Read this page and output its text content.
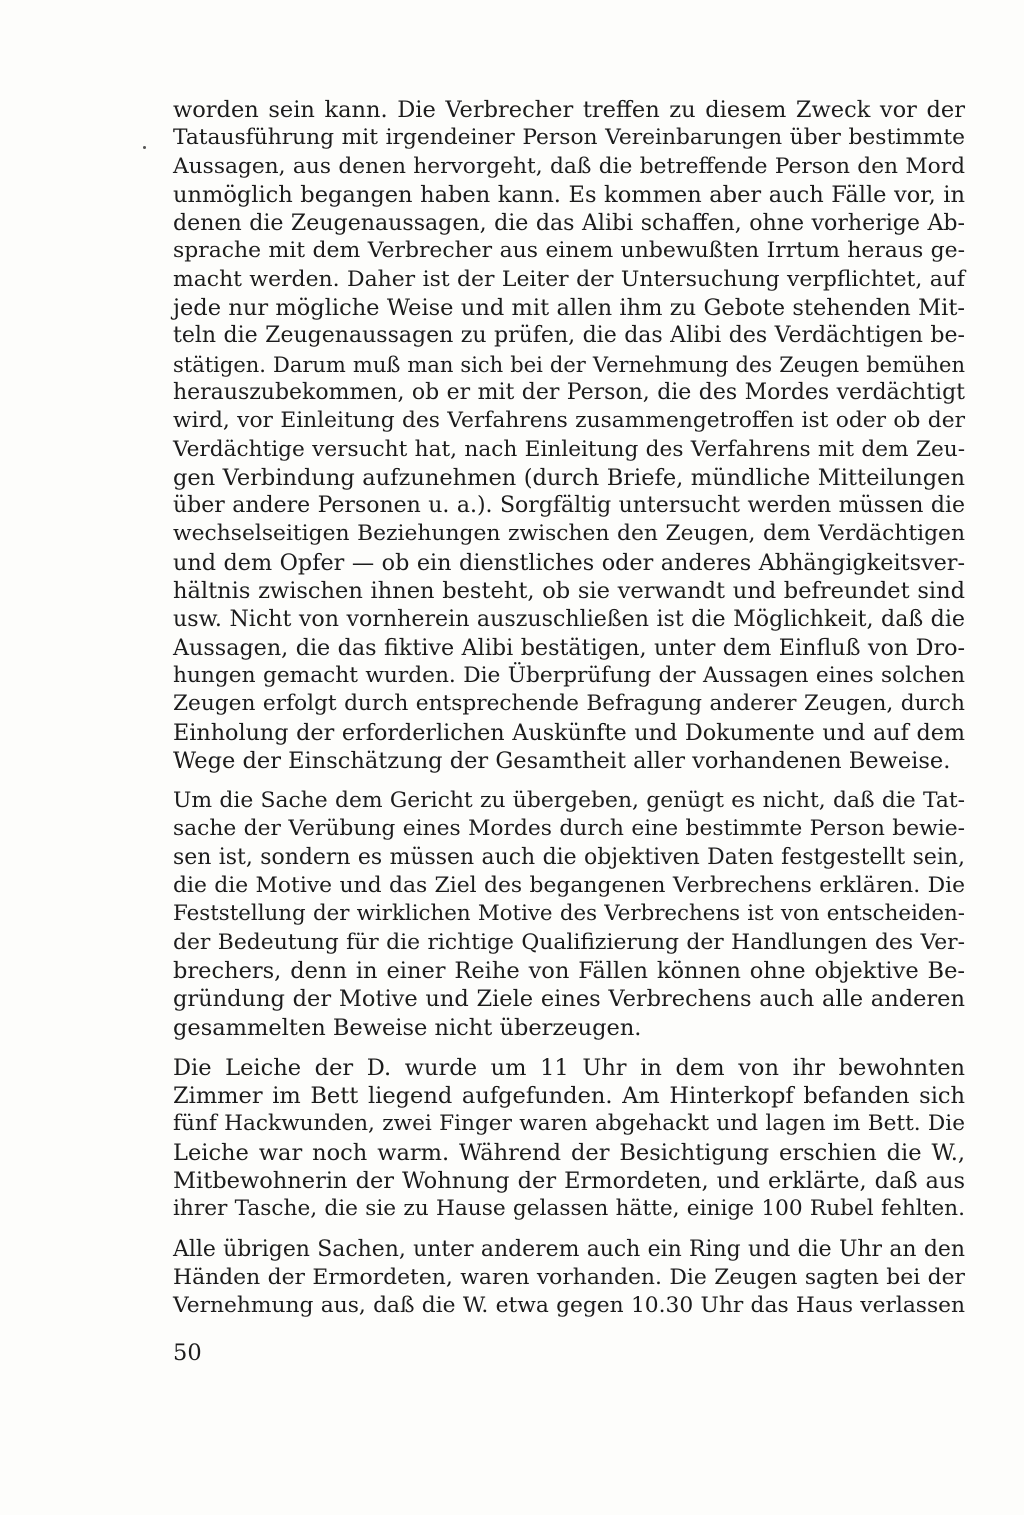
worden sein kann. Die Verbrecher treffen zu diesem Zweck vor der
Tatausführung mit irgendeiner Person Vereinbarungen über bestimmte
Aussagen, aus denen hervorgeht, daß die betreffende Person den Mord
unmöglich begangen haben kann. Es kommen aber auch Fälle vor, in
denen die Zeugenaussagen, die das Alibi schaffen, ohne vorherige Ab-
sprache mit dem Verbrecher aus einem unbewußten Irrtum heraus ge-
macht werden. Daher ist der Leiter der Untersuchung verpflichtet, auf
jede nur mögliche Weise und mit allen ihm zu Gebote stehenden Mit-
teln die Zeugenaussagen zu prüfen, die das Alibi des Verdächtigen be-
stätigen. Darum muß man sich bei der Vernehmung des Zeugen bemühen
herauszubekommen, ob er mit der Person, die des Mordes verdächtigt
wird, vor Einleitung des Verfahrens zusammengetroffen ist oder ob der
Verdächtige versucht hat, nach Einleitung des Verfahrens mit dem Zeu-
gen Verbindung aufzunehmen (durch Briefe, mündliche Mitteilungen
über andere Personen u. a.). Sorgfältig untersucht werden müssen die
wechselseitigen Beziehungen zwischen den Zeugen, dem Verdächtigen
und dem Opfer — ob ein dienstliches oder anderes Abhängigkeitsver-
hältnis zwischen ihnen besteht, ob sie verwandt und befreundet sind
usw. Nicht von vornherein auszuschließen ist die Möglichkeit, daß die
Aussagen, die das fiktive Alibi bestätigen, unter dem Einfluß von Dro-
hungen gemacht wurden. Die Überprüfung der Aussagen eines solchen
Zeugen erfolgt durch entsprechende Befragung anderer Zeugen, durch
Einholung der erforderlichen Auskünfte und Dokumente und auf dem
Wege der Einschätzung der Gesamtheit aller vorhandenen Beweise.
Um die Sache dem Gericht zu übergeben, genügt es nicht, daß die Tat-
sache der Verübung eines Mordes durch eine bestimmte Person bewie-
sen ist, sondern es müssen auch die objektiven Daten festgestellt sein,
die die Motive und das Ziel des begangenen Verbrechens erklären. Die
Feststellung der wirklichen Motive des Verbrechens ist von entscheiden-
der Bedeutung für die richtige Qualifizierung der Handlungen des Ver-
brechers, denn in einer Reihe von Fällen können ohne objektive Be-
gründung der Motive und Ziele eines Verbrechens auch alle anderen
gesammelten Beweise nicht überzeugen.
Die Leiche der D. wurde um 11 Uhr in dem von ihr bewohnten
Zimmer im Bett liegend aufgefunden. Am Hinterkopf befanden sich
fünf Hackwunden, zwei Finger waren abgehackt und lagen im Bett. Die
Leiche war noch warm. Während der Besichtigung erschien die W.,
Mitbewohnerin der Wohnung der Ermordeten, und erklärte, daß aus
ihrer Tasche, die sie zu Hause gelassen hätte, einige 100 Rubel fehlten.
Alle übrigen Sachen, unter anderem auch ein Ring und die Uhr an den
Händen der Ermordeten, waren vorhanden. Die Zeugen sagten bei der
Vernehmung aus, daß die W. etwa gegen 10.30 Uhr das Haus verlassen
50
